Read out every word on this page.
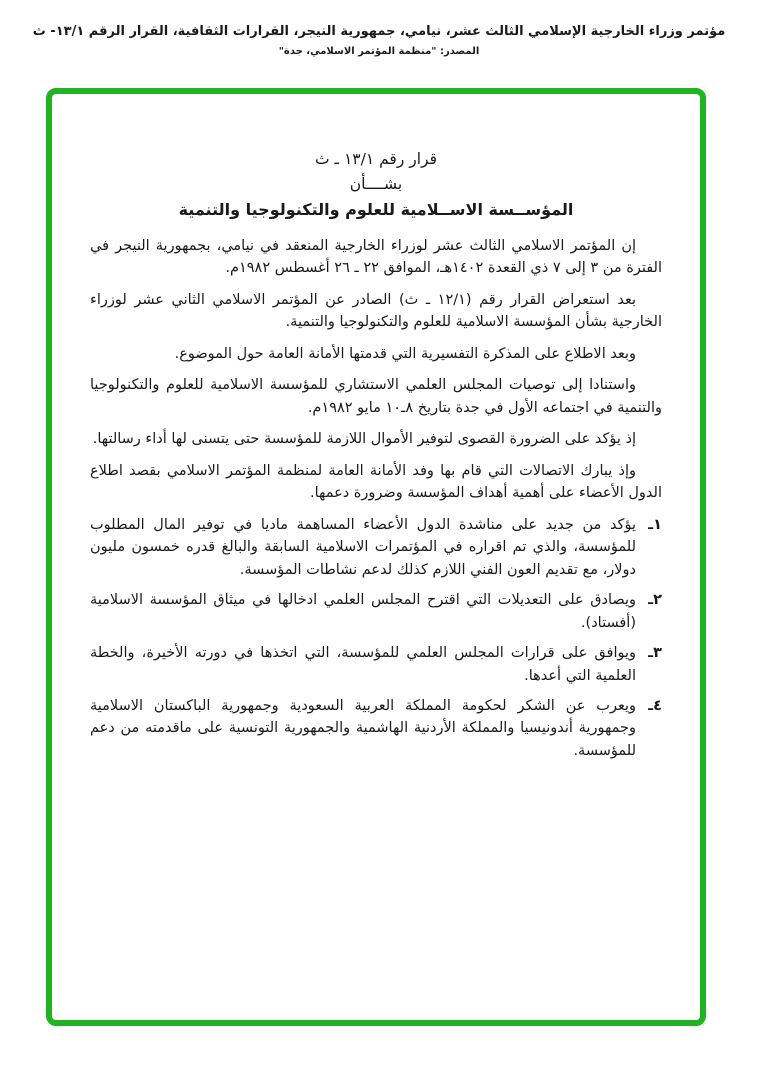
مؤتمر وزراء الخارجية الإسلامي الثالث عشر، نيامي، جمهورية النيجر، القرارات الثقافية، القرار الرقم ١٣/١- ث
المصدر: "منظمة المؤتمر الاسلامي، جدة"
قرار رقم ١٣/١ ـ ث
بشــــأن
المؤســسة الاســلامية للعلوم والتكنولوجيا والتنمية

إن المؤتمر الاسلامي الثالث عشر لوزراء الخارجية المنعقد في نيامي، بجمهورية النيجر في الفترة من ٣ إلى ٧ ذي القعدة ١٤٠٢هـ، الموافق ٢٢ ـ ٢٦ أغسطس ١٩٨٢م.

بعد استعراض القرار رقم (١٢/١ ـ ث) الصادر عن المؤتمر الاسلامي الثاني عشر لوزراء الخارجية بشأن المؤسسة الاسلامية للعلوم والتكنولوجيا والتنمية.

وبعد الاطلاع على المذكرة التفسيرية التي قدمتها الأمانة العامة حول الموضوع.

واستنادا إلى توصيات المجلس العلمي الاستشاري للمؤسسة الاسلامية للعلوم والتكنولوجيا والتنمية في اجتماعه الأول في جدة بتاريخ ٨ـ١٠ مايو ١٩٨٢م.

إذ يؤكد على الضرورة القصوى لتوفير الأموال اللازمة للمؤسسة حتى يتسنى لها أداء رسالتها.

وإذ يبارك الاتصالات التي قام بها وفد الأمانة العامة لمنظمة المؤتمر الاسلامي بقصد اطلاع الدول الأعضاء على أهمية أهداف المؤسسة وضرورة دعمها.

١ـ
يؤكد من جديد على مناشدة الدول الأعضاء المساهمة ماديا في توفير المال المطلوب للمؤسسة، والذي تم اقراره في المؤتمرات الاسلامية السابقة والبالغ قدره خمسون مليون دولار، مع تقديم العون الفني اللازم كذلك لدعم نشاطات المؤسسة.
٢ـ
ويصادق على التعديلات التي اقترح المجلس العلمي ادخالها في ميثاق المؤسسة الاسلامية (أفستاد).
٣ـ
ويوافق على قرارات المجلس العلمي للمؤسسة، التي اتخذها في دورته الأخيرة، والخطة العلمية التي أعدها.
٤ـ
ويعرب عن الشكر لحكومة المملكة العربية السعودية وجمهورية الباكستان الاسلامية وجمهورية أندونيسيا والمملكة الأردنية الهاشمية والجمهورية التونسية على ماقدمته من دعم للمؤسسة.
